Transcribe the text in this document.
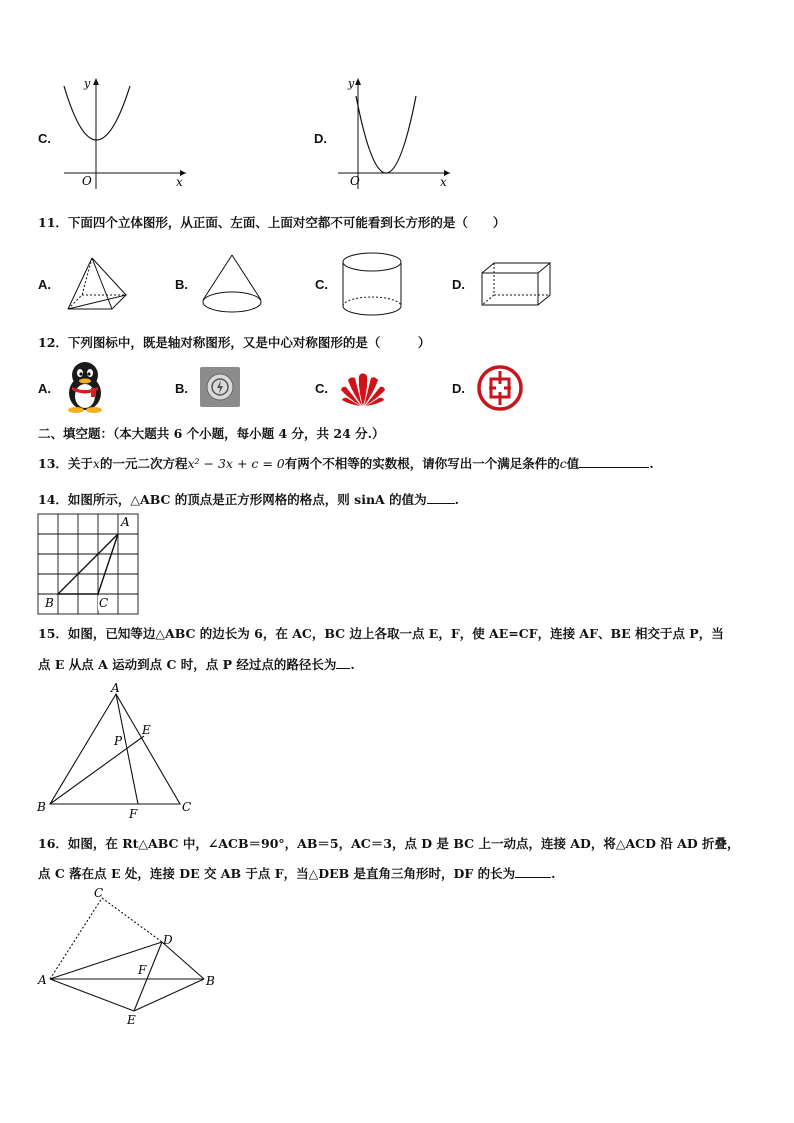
C.
y
O	x
D.
y
O	x
11．下面四个立体图形，从正面、左面、上面对空都不可能看到长方形的是（　　）
A.	B.	C.	D.
12．下列图标中，既是轴对称图形，又是中心对称图形的是（　　　）
A.	B.	C.	D.
二、填空题：（本大题共 6 个小题，每小题 4 分，共 24 分.）
13．关于x的一元二次方程x² − 3x + c = 0有两个不相等的实数根，请你写出一个满足条件的c值	.
14．如图所示，△ABC 的顶点是正方形网格的格点，则 sinA 的值为 .
A
B	C
15．如图，已知等边△ABC 的边长为 6，在 AC，BC 边上各取一点 E，F，使 AE=CF，连接 AF、BE 相交于点 P，当
点 E 从点 A 运动到点 C 时，点 P 经过点的路径长为 .
A
B	C
E
F
P
16．如图，在 Rt△ABC 中，∠ACB＝90°，AB＝5，AC＝3，点 D 是 BC 上一动点，连接 AD，将△ACD 沿 AD 折叠，
点 C 落在点 E 处，连接 DE 交 AB 于点 F，当△DEB 是直角三角形时，DF 的长为	.
C
D
A	B
F
E
